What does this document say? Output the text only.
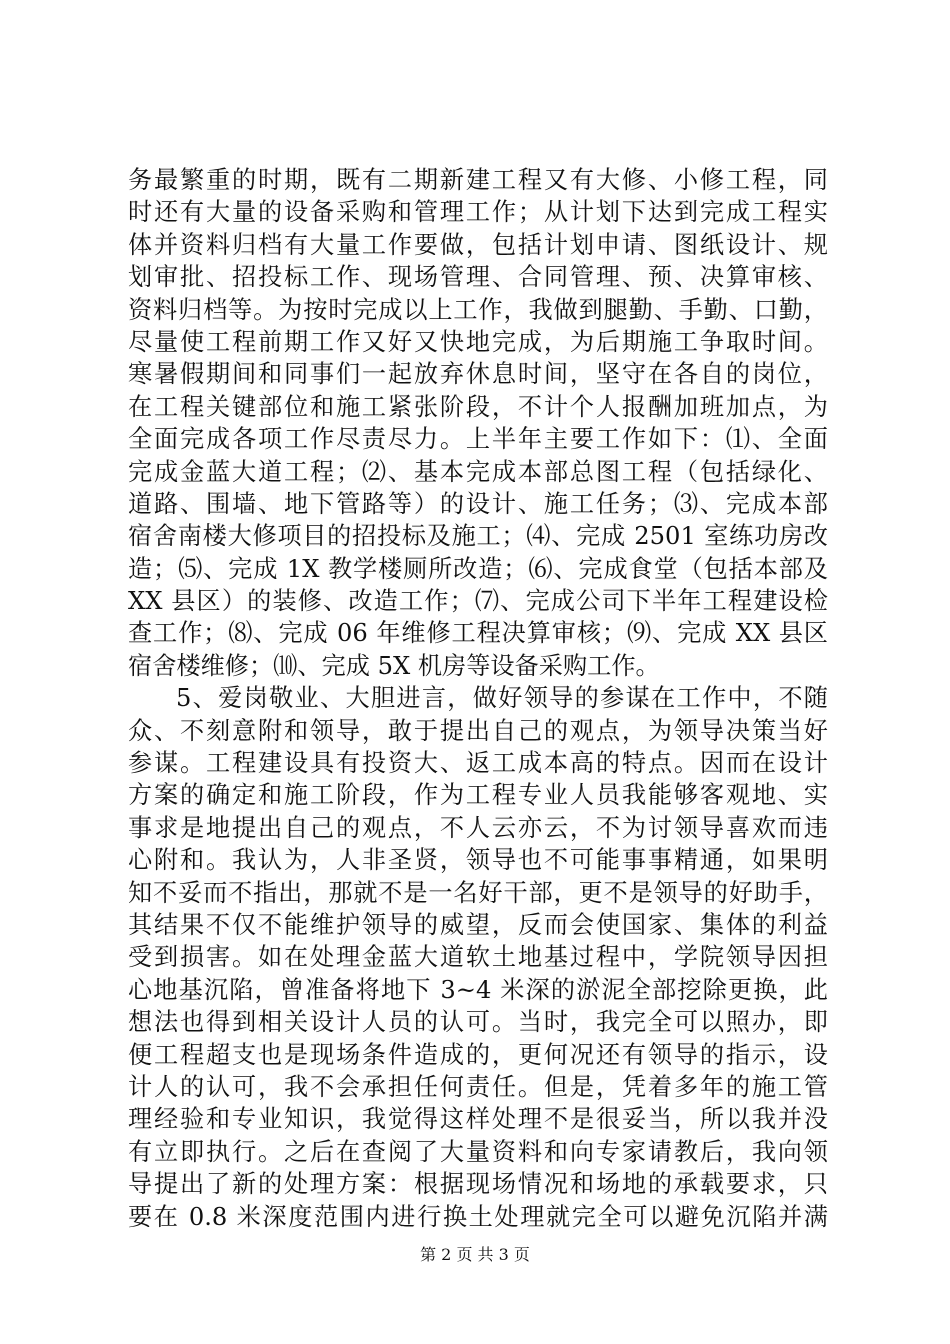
务最繁重的时期，既有二期新建工程又有大修、小修工程，同
时还有大量的设备采购和管理工作；从计划下达到完成工程实
体并资料归档有大量工作要做，包括计划申请、图纸设计、规
划审批、招投标工作、现场管理、合同管理、预、决算审核、
资料归档等。为按时完成以上工作，我做到腿勤、手勤、口勤，
尽量使工程前期工作又好又快地完成，为后期施工争取时间。
寒暑假期间和同事们一起放弃休息时间，坚守在各自的岗位，
在工程关键部位和施工紧张阶段，不计个人报酬加班加点，为
全面完成各项工作尽责尽力。上半年主要工作如下：⑴、全面
完成金蓝大道工程；⑵、基本完成本部总图工程（包括绿化、
道路、围墙、地下管路等）的设计、施工任务；⑶、完成本部
宿舍南楼大修项目的招投标及施工；⑷、完成 2501 室练功房改
造；⑸、完成 1X 教学楼厕所改造；⑹、完成食堂（包括本部及
XX 县区）的装修、改造工作；⑺、完成公司下半年工程建设检
查工作；⑻、完成 06 年维修工程决算审核；⑼、完成 XX 县区
宿舍楼维修；⑽、完成 5X 机房等设备采购工作。
5、爱岗敬业、大胆进言，做好领导的参谋在工作中，不随
众、不刻意附和领导，敢于提出自己的观点，为领导决策当好
参谋。工程建设具有投资大、返工成本高的特点。因而在设计
方案的确定和施工阶段，作为工程专业人员我能够客观地、实
事求是地提出自己的观点，不人云亦云，不为讨领导喜欢而违
心附和。我认为，人非圣贤，领导也不可能事事精通，如果明
知不妥而不指出，那就不是一名好干部，更不是领导的好助手，
其结果不仅不能维护领导的威望，反而会使国家、集体的利益
受到损害。如在处理金蓝大道软土地基过程中，学院领导因担
心地基沉陷，曾准备将地下 3~4 米深的淤泥全部挖除更换，此
想法也得到相关设计人员的认可。当时，我完全可以照办，即
便工程超支也是现场条件造成的，更何况还有领导的指示，设
计人的认可，我不会承担任何责任。但是，凭着多年的施工管
理经验和专业知识，我觉得这样处理不是很妥当，所以我并没
有立即执行。之后在查阅了大量资料和向专家请教后，我向领
导提出了新的处理方案：根据现场情况和场地的承载要求，只
要在 0.8 米深度范围内进行换土处理就完全可以避免沉陷并满
第 2 页 共 3 页
